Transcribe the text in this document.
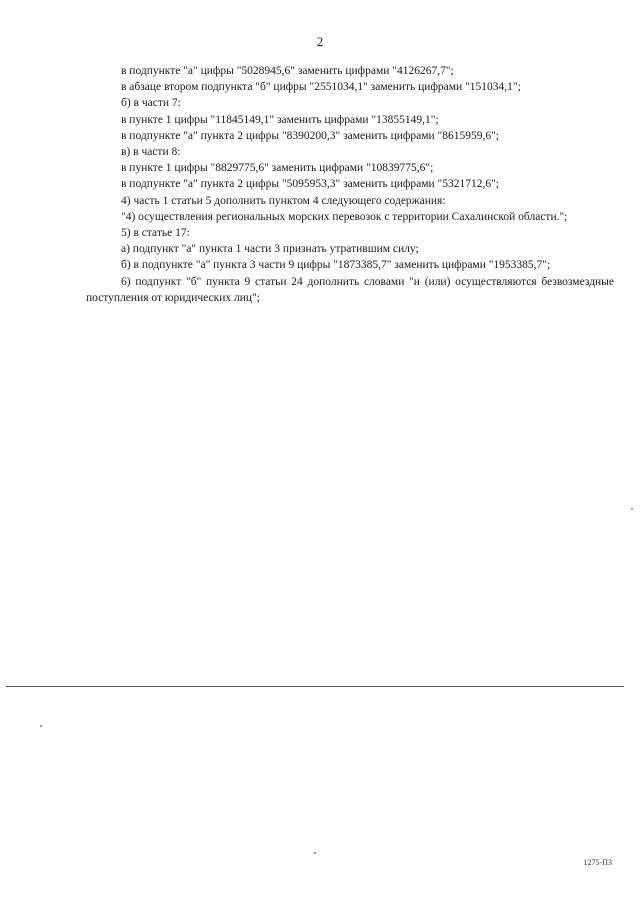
2

в подпункте "а" цифры "5028945,6" заменить цифрами "4126267,7";

в абзаце втором подпункта "б" цифры "2551034,1" заменить цифрами "151034,1";

б) в части 7:

в пункте 1 цифры "11845149,1" заменить цифрами "13855149,1";

в подпункте "а" пункта 2 цифры "8390200,3" заменить цифрами "8615959,6";

в) в части 8:

в пункте 1 цифры "8829775,6" заменить цифрами "10839775,6";

в подпункте "а" пункта 2 цифры "5095953,3" заменить цифрами "5321712,6";

4) часть 1 статьи 5 дополнить пунктом 4 следующего содержания:

"4) осуществления региональных морских перевозок с территории Сахалинской области.";

5) в статье 17:

а) подпункт "а" пункта 1 части 3 признать утратившим силу;

б) в подпункте "а" пункта 3 части 9 цифры "1873385,7" заменить цифрами "1953385,7";

6) подпункт "б" пункта 9 статьи 24 дополнить словами "и (или) осуществляются безвозмездные поступления от юридических лиц";

1275-ПЗ
